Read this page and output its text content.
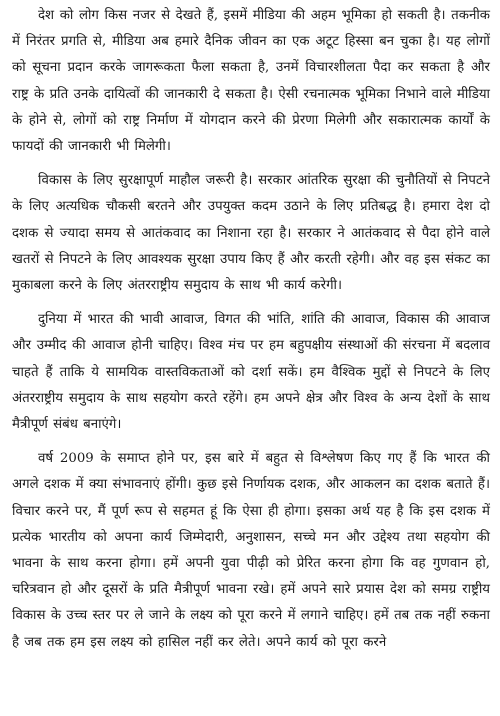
देश को लोग किस नजर से देखते हैं, इसमें मीडिया की अहम भूमिका हो सकती है। तकनीक में निरंतर प्रगति से, मीडिया अब हमारे दैनिक जीवन का एक अटूट हिस्सा बन चुका है। यह लोगों को सूचना प्रदान करके जागरूकता फैला सकता है, उनमें विचारशीलता पैदा कर सकता है और राष्ट्र के प्रति उनके दायित्वों की जानकारी दे सकता है। ऐसी रचनात्मक भूमिका निभाने वाले मीडिया के होने से, लोगों को राष्ट्र निर्माण में योगदान करने की प्रेरणा मिलेगी और सकारात्मक कार्यों के फायदों की जानकारी भी मिलेगी।

विकास के लिए सुरक्षापूर्ण माहौल जरूरी है। सरकार आंतरिक सुरक्षा की चुनौतियों से निपटने के लिए अत्यधिक चौकसी बरतने और उपयुक्त कदम उठाने के लिए प्रतिबद्ध है। हमारा देश दो दशक से ज्यादा समय से आतंकवाद का निशाना रहा है। सरकार ने आतंकवाद से पैदा होने वाले खतरों से निपटने के लिए आवश्यक सुरक्षा उपाय किए हैं और करती रहेगी। और वह इस संकट का मुकाबला करने के लिए अंतरराष्ट्रीय समुदाय के साथ भी कार्य करेगी।

दुनिया में भारत की भावी आवाज, विगत की भांति, शांति की आवाज, विकास की आवाज और उम्मीद की आवाज होनी चाहिए। विश्व मंच पर हम बहुपक्षीय संस्थाओं की संरचना में बदलाव चाहते हैं ताकि ये सामयिक वास्तविकताओं को दर्शा सकें। हम वैश्विक मुद्दों से निपटने के लिए अंतरराष्ट्रीय समुदाय के साथ सहयोग करते रहेंगे। हम अपने क्षेत्र और विश्व के अन्य देशों के साथ मैत्रीपूर्ण संबंध बनाएंगे।

वर्ष 2009 के समाप्त होने पर, इस बारे में बहुत से विश्लेषण किए गए हैं कि भारत की अगले दशक में क्या संभावनाएं होंगी। कुछ इसे निर्णायक दशक, और आकलन का दशक बताते हैं। विचार करने पर, मैं पूर्ण रूप से सहमत हूं कि ऐसा ही होगा। इसका अर्थ यह है कि इस दशक में प्रत्येक भारतीय को अपना कार्य जिम्मेदारी, अनुशासन, सच्चे मन और उद्देश्य तथा सहयोग की भावना के साथ करना होगा। हमें अपनी युवा पीढ़ी को प्रेरित करना होगा कि वह गुणवान हो, चरित्रवान हो और दूसरों के प्रति मैत्रीपूर्ण भावना रखे। हमें अपने सारे प्रयास देश को समग्र राष्ट्रीय विकास के उच्च स्तर पर ले जाने के लक्ष्य को पूरा करने में लगाने चाहिए। हमें तब तक नहीं रुकना है जब तक हम इस लक्ष्य को हासिल नहीं कर लेते। अपने कार्य को पूरा करने
